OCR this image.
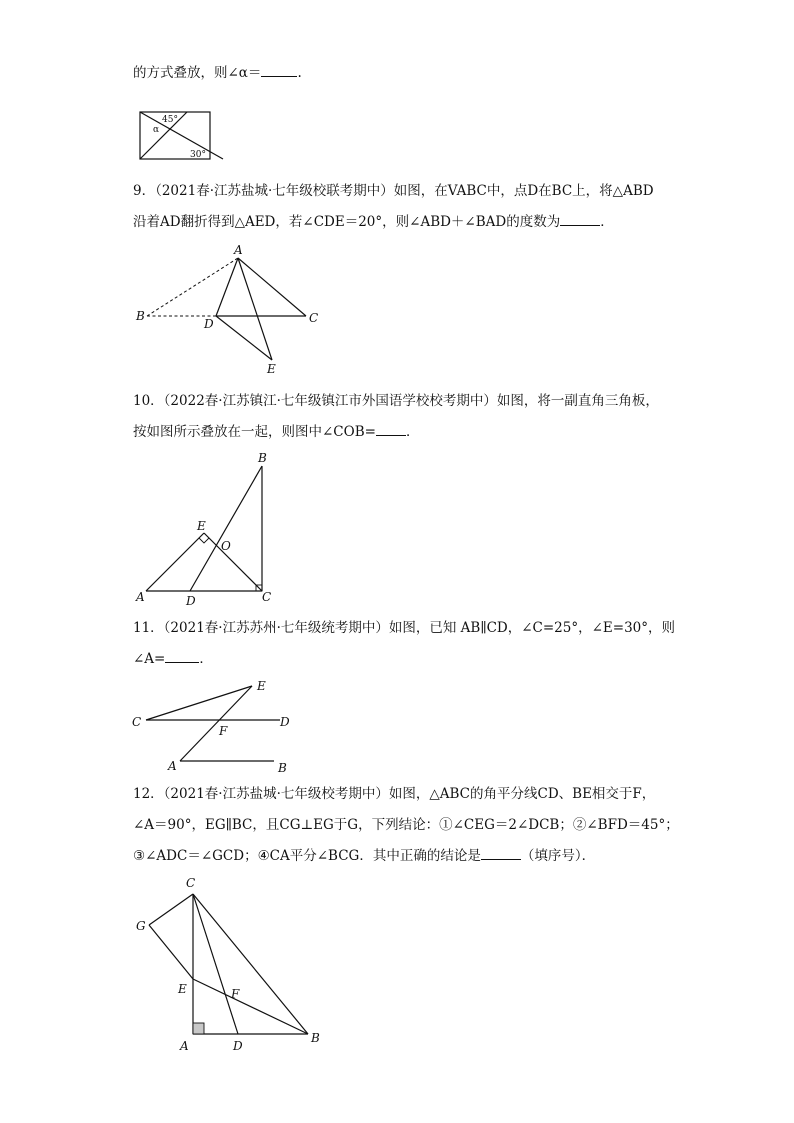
的方式叠放，则∠α＝	.
45°
α
30°
9．（2021春·江苏盐城·七年级校联考期中）如图，在VABC中，点D在BC上，将△ABD
沿着AD翻折得到△AED，若∠CDE＝20°，则∠ABD＋∠BAD的度数为	．
A
B
D	C
E
10．（2022春·江苏镇江·七年级镇江市外国语学校校考期中）如图，将一副直角三角板，
按如图所示叠放在一起，则图中∠COB= ．
B
E
O
A	D	C
11．（2021春·江苏苏州·七年级统考期中）如图，已知 AB∥CD，∠C=25°，∠E=30°，则
∠A=	．
E
C	D
F
A	B
12．（2021春·江苏盐城·七年级校考期中）如图，△ABC的角平分线CD、BE相交于F，
∠A＝90°，EG∥BC，且CG⊥EG于G，下列结论：①∠CEG＝2∠DCB；②∠BFD＝45°；
③∠ADC＝∠GCD；④CA平分∠BCG．其中正确的结论是	（填序号）．
C
G
E	F
A	D
B
